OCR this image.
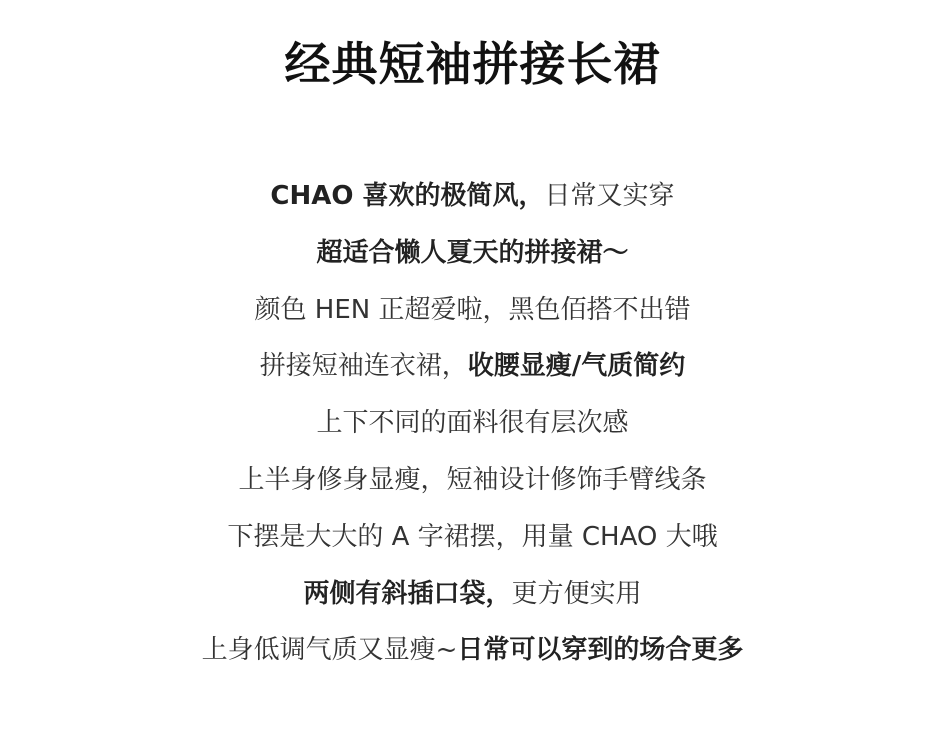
经典短袖拼接长裙
CHAO 喜欢的极简风，日常又实穿
超适合懒人夏天的拼接裙～
颜色 HEN 正超爱啦，黑色佰搭不出错
拼接短袖连衣裙，收腰显瘦/气质简约
上下不同的面料很有层次感
上半身修身显瘦，短袖设计修饰手臂线条
下摆是大大的 A 字裙摆，用量 CHAO 大哦
两侧有斜插口袋，更方便实用
上身低调气质又显瘦~日常可以穿到的场合更多
